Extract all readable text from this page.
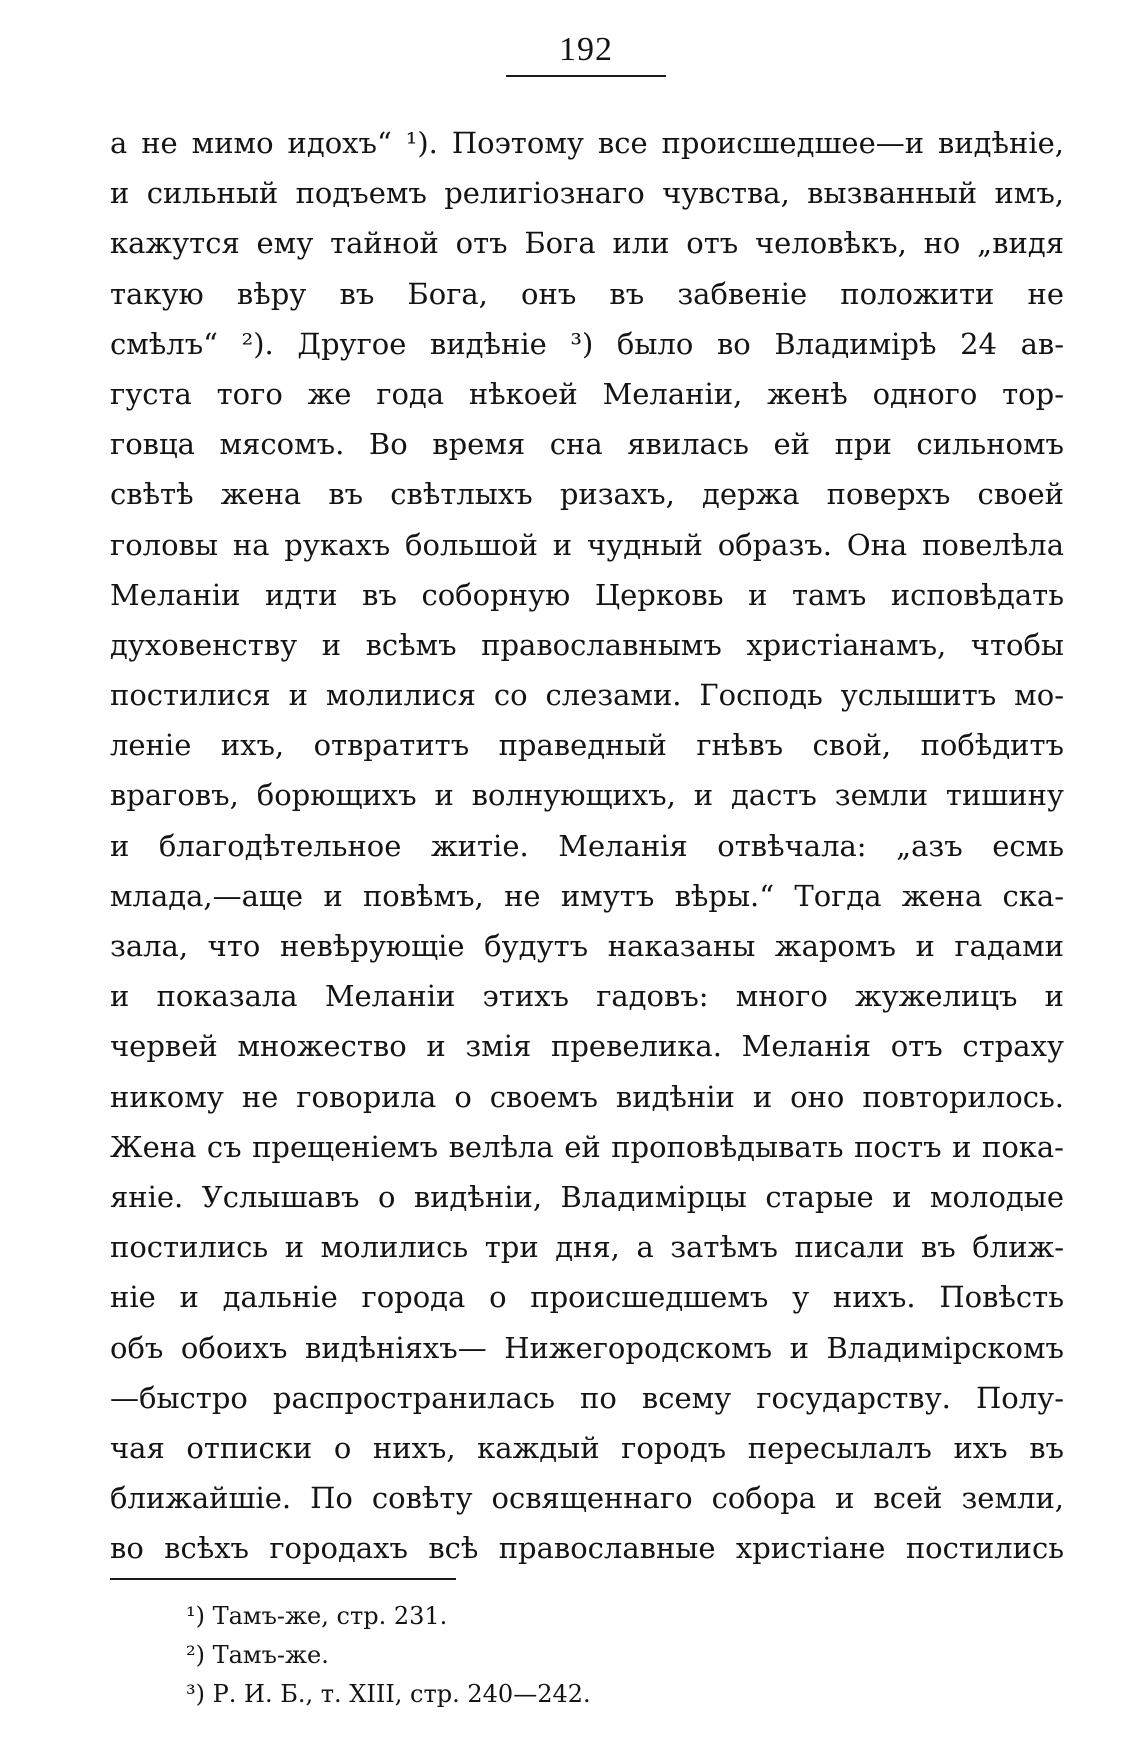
192
а не мимо идохъ“ ¹). Поэтому все происшедшее—и видѣніе,
и сильный подъемъ религіознаго чувства, вызванный имъ,
кажутся ему тайной отъ Бога или отъ человѣкъ, но „видя
такую вѣру въ Бога, онъ въ забвеніе положити не
смѣлъ“ ²). Другое видѣніе ³) было во Владимірѣ 24 ав-
густа того же года нѣкоей Меланіи, женѣ одного тор-
говца мясомъ. Во время сна явилась ей при сильномъ
свѣтѣ жена въ свѣтлыхъ ризахъ, держа поверхъ своей
головы на рукахъ большой и чудный образъ. Она повелѣла
Меланіи идти въ соборную Церковь и тамъ исповѣдать
духовенству и всѣмъ православнымъ христіанамъ, чтобы
постилися и молилися со слезами. Господь услышитъ мо-
леніе ихъ, отвратитъ праведный гнѣвъ свой, побѣдитъ
враговъ, борющихъ и волнующихъ, и дастъ земли тишину
и благодѣтельное житіе. Меланія отвѣчала: „азъ есмь
млада,—аще и повѣмъ, не имутъ вѣры.“ Тогда жена ска-
зала, что невѣрующіе будутъ наказаны жаромъ и гадами
и показала Меланіи этихъ гадовъ: много жужелицъ и
червей множество и змія превелика. Меланія отъ страху
никому не говорила о своемъ видѣніи и оно повторилось.
Жена съ прещеніемъ велѣла ей проповѣдывать постъ и пока-
яніе. Услышавъ о видѣніи, Владимірцы старые и молодые
постились и молились три дня, а затѣмъ писали въ ближ-
ніе и дальніе города о происшедшемъ у нихъ. Повѣсть
объ обоихъ видѣніяхъ— Нижегородскомъ и Владимірскомъ
—быстро распространилась по всему государству. Полу-
чая отписки о нихъ, каждый городъ пересылалъ ихъ въ
ближайшіе. По совѣту освященнаго собора и всей земли,
во всѣхъ городахъ всѣ православные христіане постились
¹) Тамъ-же, стр. 231.
²) Тамъ-же.
³) Р. И. Б., т. XIII, стр. 240—242.
